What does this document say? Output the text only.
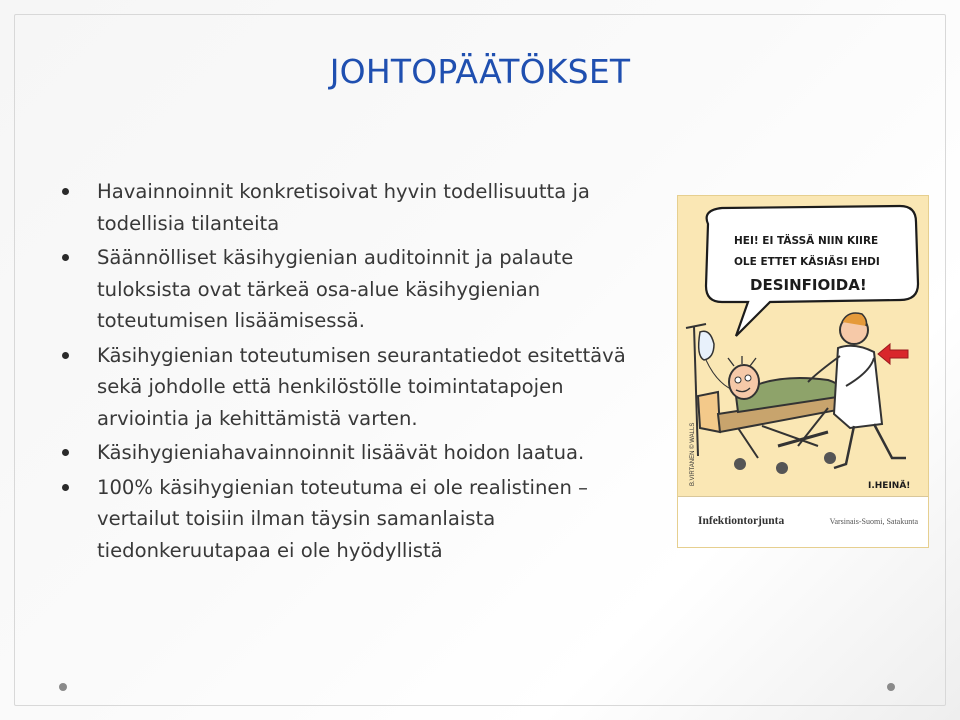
JOHTOPÄÄTÖKSET
Havainnoinnit konkretisoivat hyvin todellisuutta ja todellisia tilanteita
Säännölliset käsihygienian auditoinnit ja palaute tuloksista ovat tärkeä osa-alue käsihygienian toteutumisen lisäämisessä.
Käsihygienian toteutumisen seurantatiedot esitettävä sekä johdolle että henkilöstölle toimintatapojen arviointia ja kehittämistä varten.
Käsihygieniahavainnoinnit lisäävät hoidon laatua.
100% käsihygienian toteutuma ei ole realistinen – vertailut toisiin ilman täysin samanlaista tiedonkeruutapaa ei ole hyödyllistä
HEI! EI TÄSSÄ NIIN KIIRE
OLE ETTET KÄSIÄSI EHDI
DESINFIOIDA!
B.VIRTANEN © WALLS	I.HEINÄ!
Infektiontorjunta	Varsinais-Suomi, Satakunta
